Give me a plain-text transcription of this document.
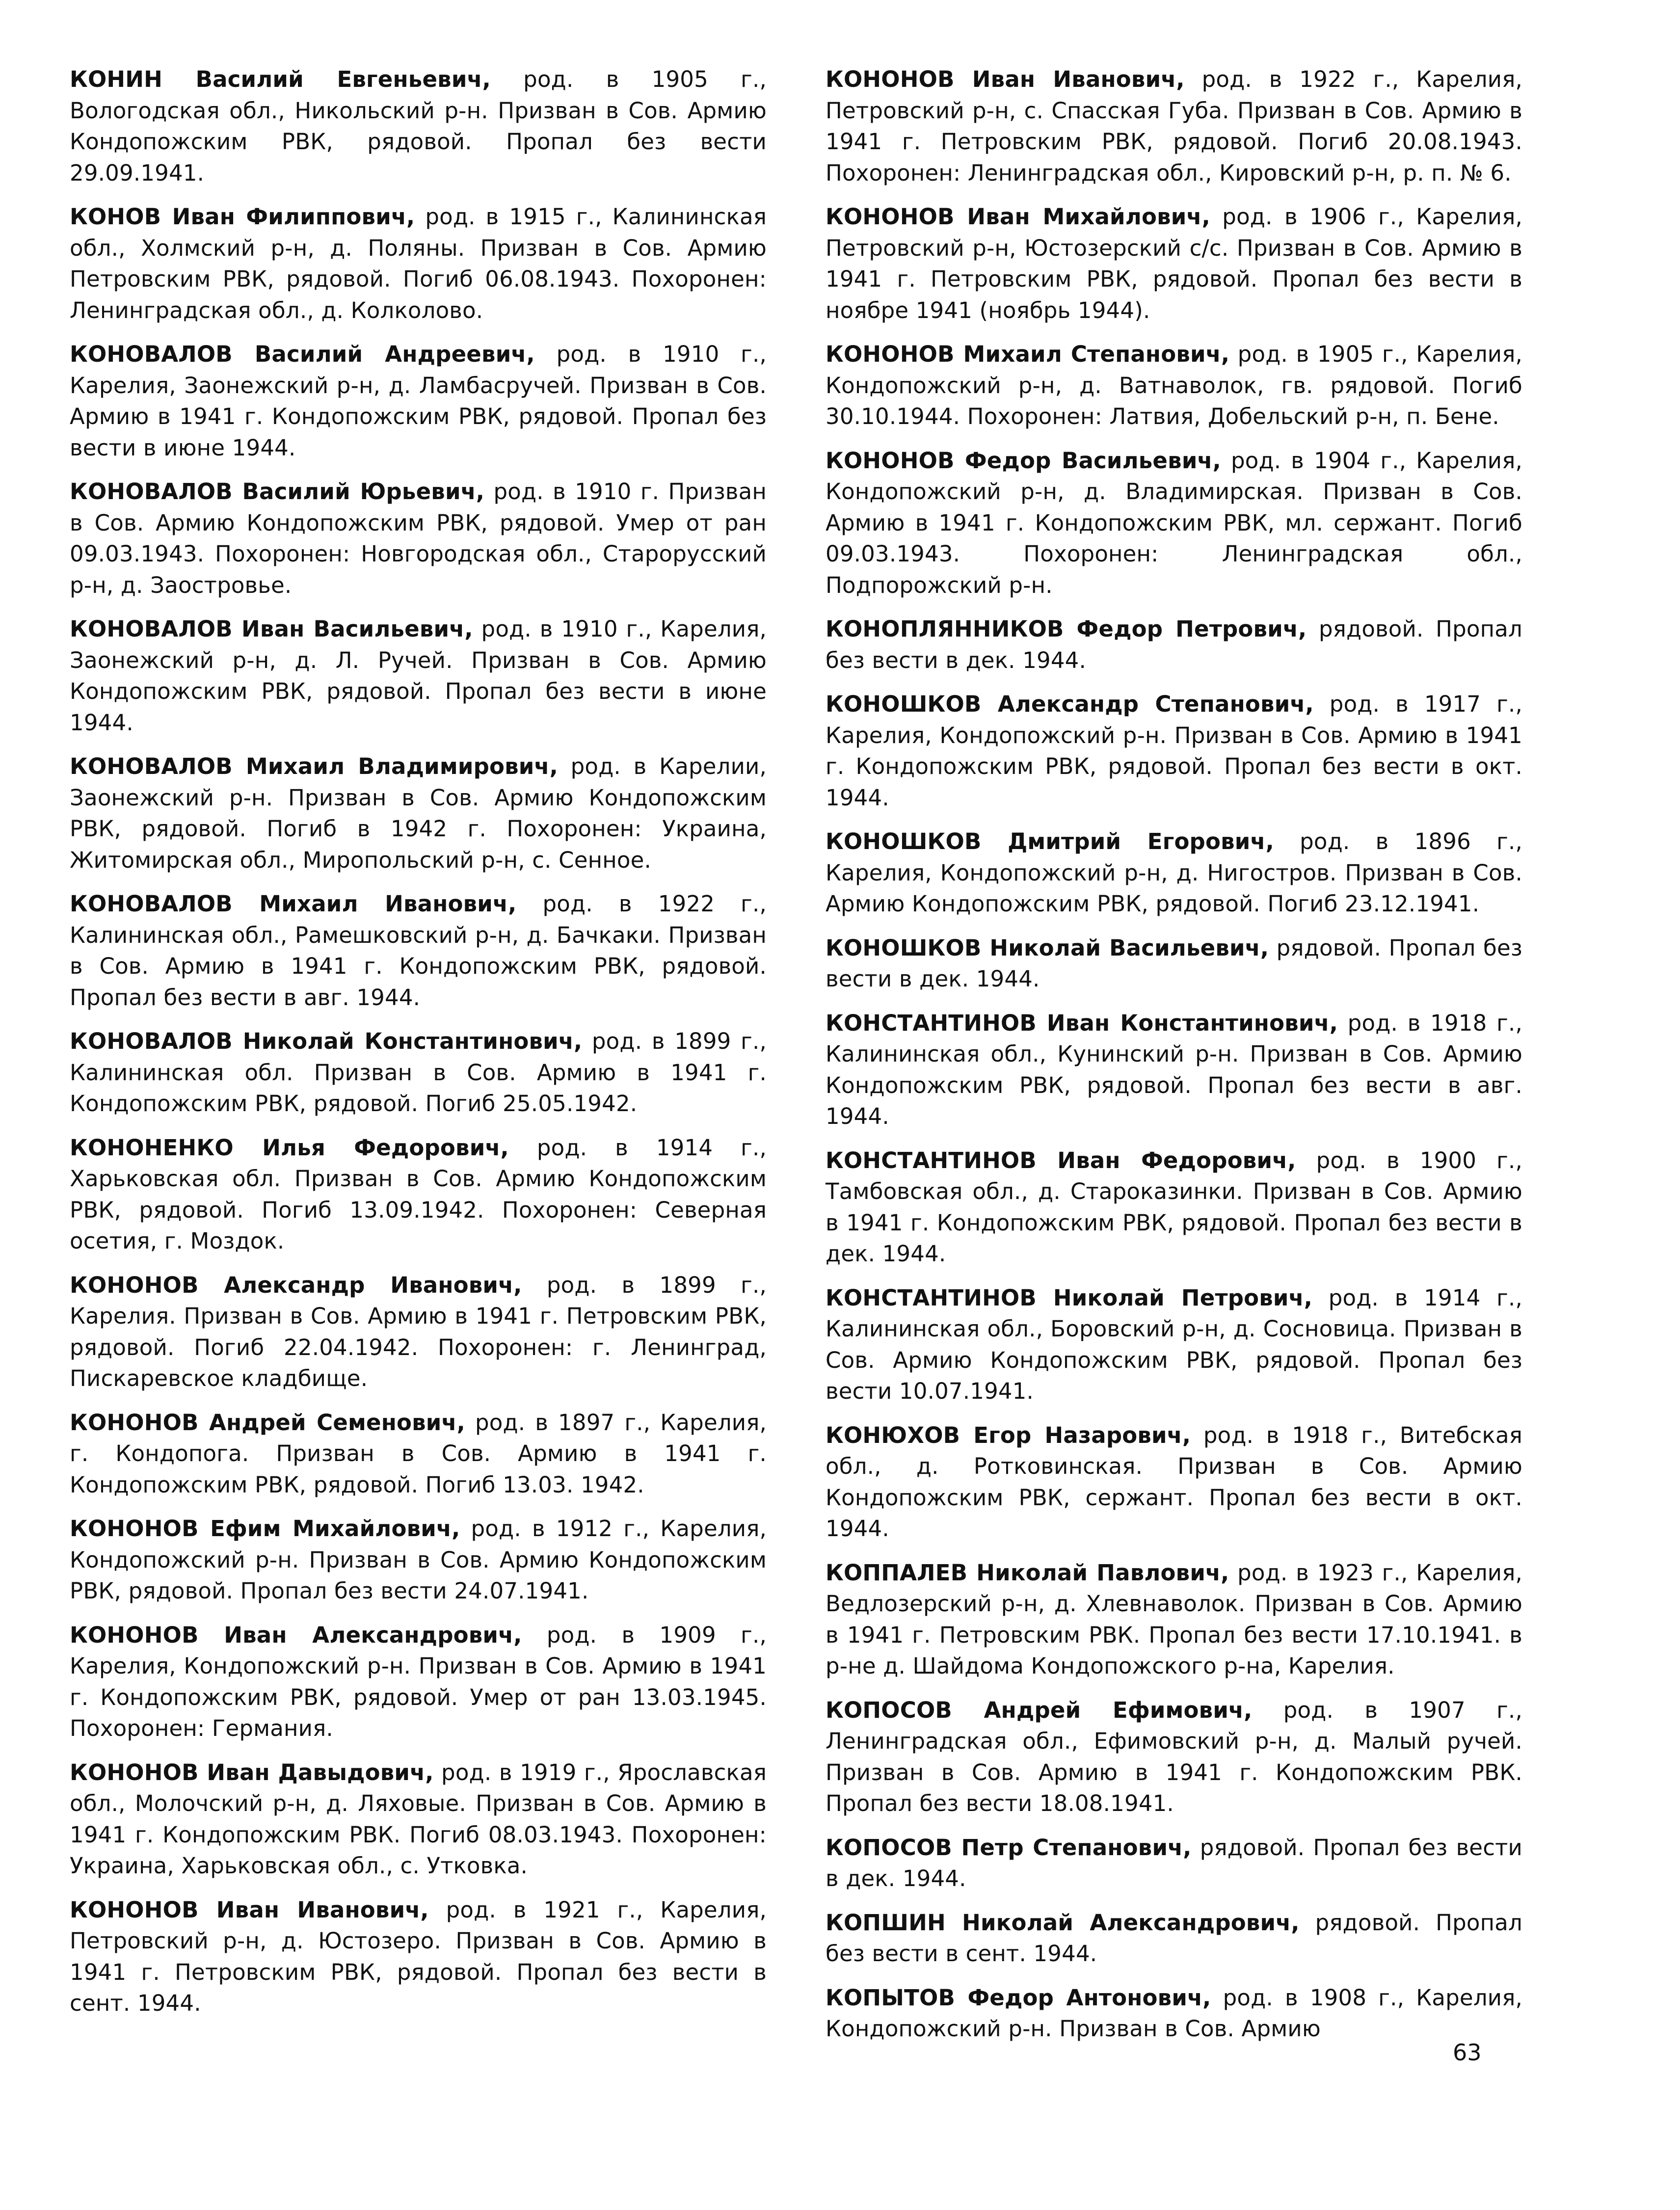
КОНИН Василий Евгеньевич, род. в 1905 г., Вологодская обл., Никольский р-н. Призван в Сов. Армию Кондопожским РВК, рядовой. Пропал без вести 29.09.1941.

КОНОВ Иван Филиппович, род. в 1915 г., Калининская обл., Холмский р-н, д. Поляны. Призван в Сов. Армию Петровским РВК, рядовой. Погиб 06.08.1943. Похоронен: Ленинградская обл., д. Колколово.

КОНОВАЛОВ Василий Андреевич, род. в 1910 г., Карелия, Заонежский р-н, д. Ламбасручей. Призван в Сов. Армию в 1941 г. Кондопожским РВК, рядовой. Пропал без вести в июне 1944.

КОНОВАЛОВ Василий Юрьевич, род. в 1910 г. Призван в Сов. Армию Кондопожским РВК, рядовой. Умер от ран 09.03.1943. Похоронен: Новгородская обл., Старорусский р-н, д. Заостровье.

КОНОВАЛОВ Иван Васильевич, род. в 1910 г., Карелия, Заонежский р-н, д. Л. Ручей. Призван в Сов. Армию Кондопожским РВК, рядовой. Пропал без вести в июне 1944.

КОНОВАЛОВ Михаил Владимирович, род. в Карелии, Заонежский р-н. Призван в Сов. Армию Кондопожским РВК, рядовой. Погиб в 1942 г. Похоронен: Украина, Житомирская обл., Миропольский р-н, с. Сенное.

КОНОВАЛОВ Михаил Иванович, род. в 1922 г., Калининская обл., Рамешковский р-н, д. Бачкаки. Призван в Сов. Армию в 1941 г. Кондопожским РВК, рядовой. Пропал без вести в авг. 1944.

КОНОВАЛОВ Николай Константинович, род. в 1899 г., Калининская обл. Призван в Сов. Армию в 1941 г. Кондопожским РВК, рядовой. Погиб 25.05.1942.

КОНОНЕНКО Илья Федорович, род. в 1914 г., Харьковская обл. Призван в Сов. Армию Кондопожским РВК, рядовой. Погиб 13.09.1942. Похоронен: Северная осетия, г. Моздок.

КОНОНОВ Александр Иванович, род. в 1899 г., Карелия. Призван в Сов. Армию в 1941 г. Петровским РВК, рядовой. Погиб 22.04.1942. Похоронен: г. Ленинград, Пискаревское кладбище.

КОНОНОВ Андрей Семенович, род. в 1897 г., Карелия, г. Кондопога. Призван в Сов. Армию в 1941 г. Кондопожским РВК, рядовой. Погиб 13.03. 1942.

КОНОНОВ Ефим Михайлович, род. в 1912 г., Карелия, Кондопожский р-н. Призван в Сов. Армию Кондопожским РВК, рядовой. Пропал без вести 24.07.1941.

КОНОНОВ Иван Александрович, род. в 1909 г., Карелия, Кондопожский р-н. Призван в Сов. Армию в 1941 г. Кондопожским РВК, рядовой. Умер от ран 13.03.1945. Похоронен: Германия.

КОНОНОВ Иван Давыдович, род. в 1919 г., Ярославская обл., Молочский р-н, д. Ляховые. Призван в Сов. Армию в 1941 г. Кондопожским РВК. Погиб 08.03.1943. Похоронен: Украина, Харьковская обл., с. Утковка.

КОНОНОВ Иван Иванович, род. в 1921 г., Карелия, Петровский р-н, д. Юстозеро. Призван в Сов. Армию в 1941 г. Петровским РВК, рядовой. Пропал без вести в сент. 1944.

КОНОНОВ Иван Иванович, род. в 1922 г., Карелия, Петровский р-н, с. Спасская Губа. Призван в Сов. Армию в 1941 г. Петровским РВК, рядовой. Погиб 20.08.1943. Похоронен: Ленинградская обл., Кировский р-н, р. п. № 6.

КОНОНОВ Иван Михайлович, род. в 1906 г., Карелия, Петровский р-н, Юстозерский с/с. Призван в Сов. Армию в 1941 г. Петровским РВК, рядовой. Пропал без вести в ноябре 1941 (ноябрь 1944).

КОНОНОВ Михаил Степанович, род. в 1905 г., Карелия, Кондопожский р-н, д. Ватнаволок, гв. рядовой. Погиб 30.10.1944. Похоронен: Латвия, Добельский р-н, п. Бене.

КОНОНОВ Федор Васильевич, род. в 1904 г., Карелия, Кондопожский р-н, д. Владимирская. Призван в Сов. Армию в 1941 г. Кондопожским РВК, мл. сержант. Погиб 09.03.1943. Похоронен: Ленинградская обл., Подпорожский р-н.

КОНОПЛЯННИКОВ Федор Петрович, рядовой. Пропал без вести в дек. 1944.

КОНОШКОВ Александр Степанович, род. в 1917 г., Карелия, Кондопожский р-н. Призван в Сов. Армию в 1941 г. Кондопожским РВК, рядовой. Пропал без вести в окт. 1944.

КОНОШКОВ Дмитрий Егорович, род. в 1896 г., Карелия, Кондопожский р-н, д. Нигостров. Призван в Сов. Армию Кондопожским РВК, рядовой. Погиб 23.12.1941.

КОНОШКОВ Николай Васильевич, рядовой. Пропал без вести в дек. 1944.

КОНСТАНТИНОВ Иван Константинович, род. в 1918 г., Калининская обл., Кунинский р-н. Призван в Сов. Армию Кондопожским РВК, рядовой. Пропал без вести в авг. 1944.

КОНСТАНТИНОВ Иван Федорович, род. в 1900 г., Тамбовская обл., д. Староказинки. Призван в Сов. Армию в 1941 г. Кондопожским РВК, рядовой. Пропал без вести в дек. 1944.

КОНСТАНТИНОВ Николай Петрович, род. в 1914 г., Калининская обл., Боровский р-н, д. Сосновица. Призван в Сов. Армию Кондопожским РВК, рядовой. Пропал без вести 10.07.1941.

КОНЮХОВ Егор Назарович, род. в 1918 г., Витебская обл., д. Ротковинская. Призван в Сов. Армию Кондопожским РВК, сержант. Пропал без вести в окт. 1944.

КОППАЛЕВ Николай Павлович, род. в 1923 г., Карелия, Ведлозерский р-н, д. Хлевнаволок. Призван в Сов. Армию в 1941 г. Петровским РВК. Пропал без вести 17.10.1941. в р-не д. Шайдома Кондопожского р-на, Карелия.

КОПОСОВ Андрей Ефимович, род. в 1907 г., Ленинградская обл., Ефимовский р-н, д. Малый ручей. Призван в Сов. Армию в 1941 г. Кондопожским РВК. Пропал без вести 18.08.1941.

КОПОСОВ Петр Степанович, рядовой. Пропал без вести в дек. 1944.

КОПШИН Николай Александрович, рядовой. Пропал без вести в сент. 1944.

КОПЫТОВ Федор Антонович, род. в 1908 г., Карелия, Кондопожский р-н. Призван в Сов. Армию

63
